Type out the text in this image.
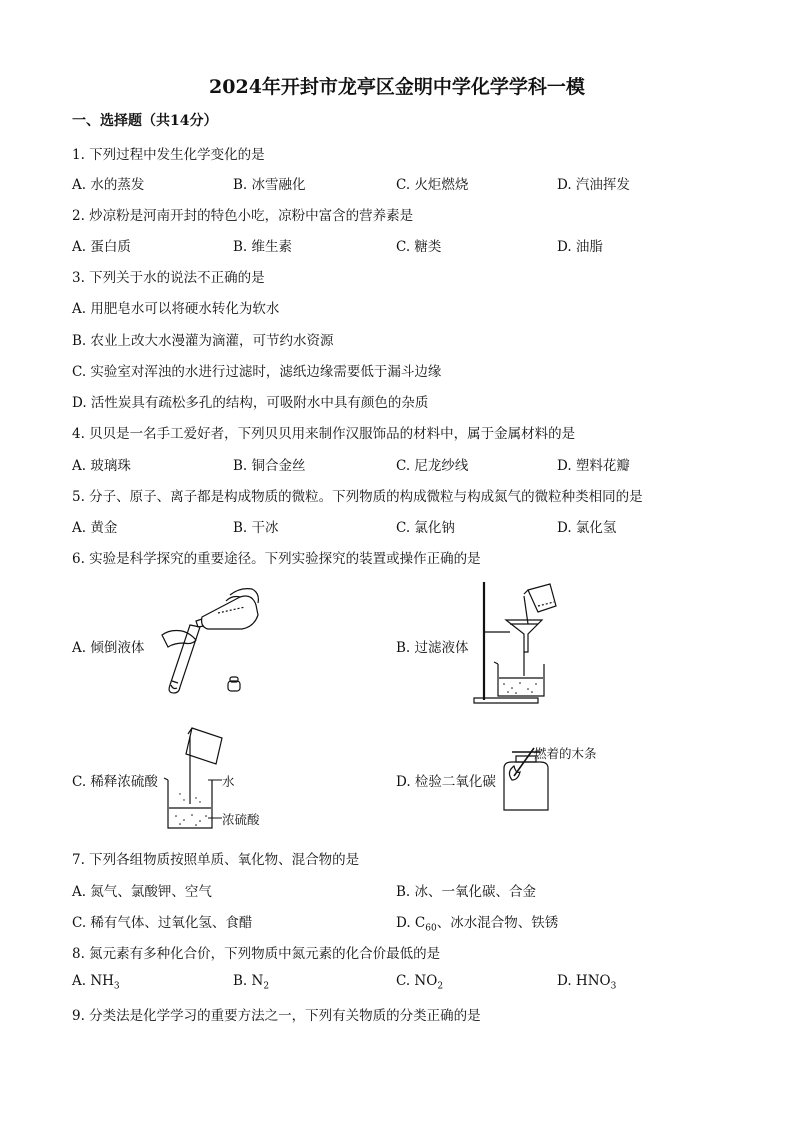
2024年开封市龙亭区金明中学化学学科一模
一、选择题（共14分）
1. 下列过程中发生化学变化的是
A. 水的蒸发	B. 冰雪融化	C. 火炬燃烧	D. 汽油挥发
2. 炒凉粉是河南开封的特色小吃，凉粉中富含的营养素是
A. 蛋白质	B. 维生素	C. 糖类	D. 油脂
3. 下列关于水的说法不正确的是
A. 用肥皂水可以将硬水转化为软水
B. 农业上改大水漫灌为滴灌，可节约水资源
C. 实验室对浑浊的水进行过滤时，滤纸边缘需要低于漏斗边缘
D. 活性炭具有疏松多孔的结构，可吸附水中具有颜色的杂质
4. 贝贝是一名手工爱好者，下列贝贝用来制作汉服饰品的材料中，属于金属材料的是
A. 玻璃珠	B. 铜合金丝	C. 尼龙纱线	D. 塑料花瓣
5. 分子、原子、离子都是构成物质的微粒。下列物质的构成微粒与构成氮气的微粒种类相同的是
A. 黄金	B. 干冰	C. 氯化钠	D. 氯化氢
6. 实验是科学探究的重要途径。下列实验探究的装置或操作正确的是
A. 倾倒液体	B. 过滤液体
C. 稀释浓硫酸	水
浓硫酸
D. 检验二氧化碳
燃着的木条
7. 下列各组物质按照单质、氧化物、混合物的是
A. 氮气、氯酸钾、空气	B. 冰、一氧化碳、合金
C. 稀有气体、过氧化氢、食醋	D. $C_{60}$、冰水混合物、铁锈
8. 氮元素有多种化合价，下列物质中氮元素的化合价最低的是
A. $NH_3$	B. $N_2$	C. $NO_2$	D. $HNO_3$
9. 分类法是化学学习的重要方法之一，下列有关物质的分类正确的是
